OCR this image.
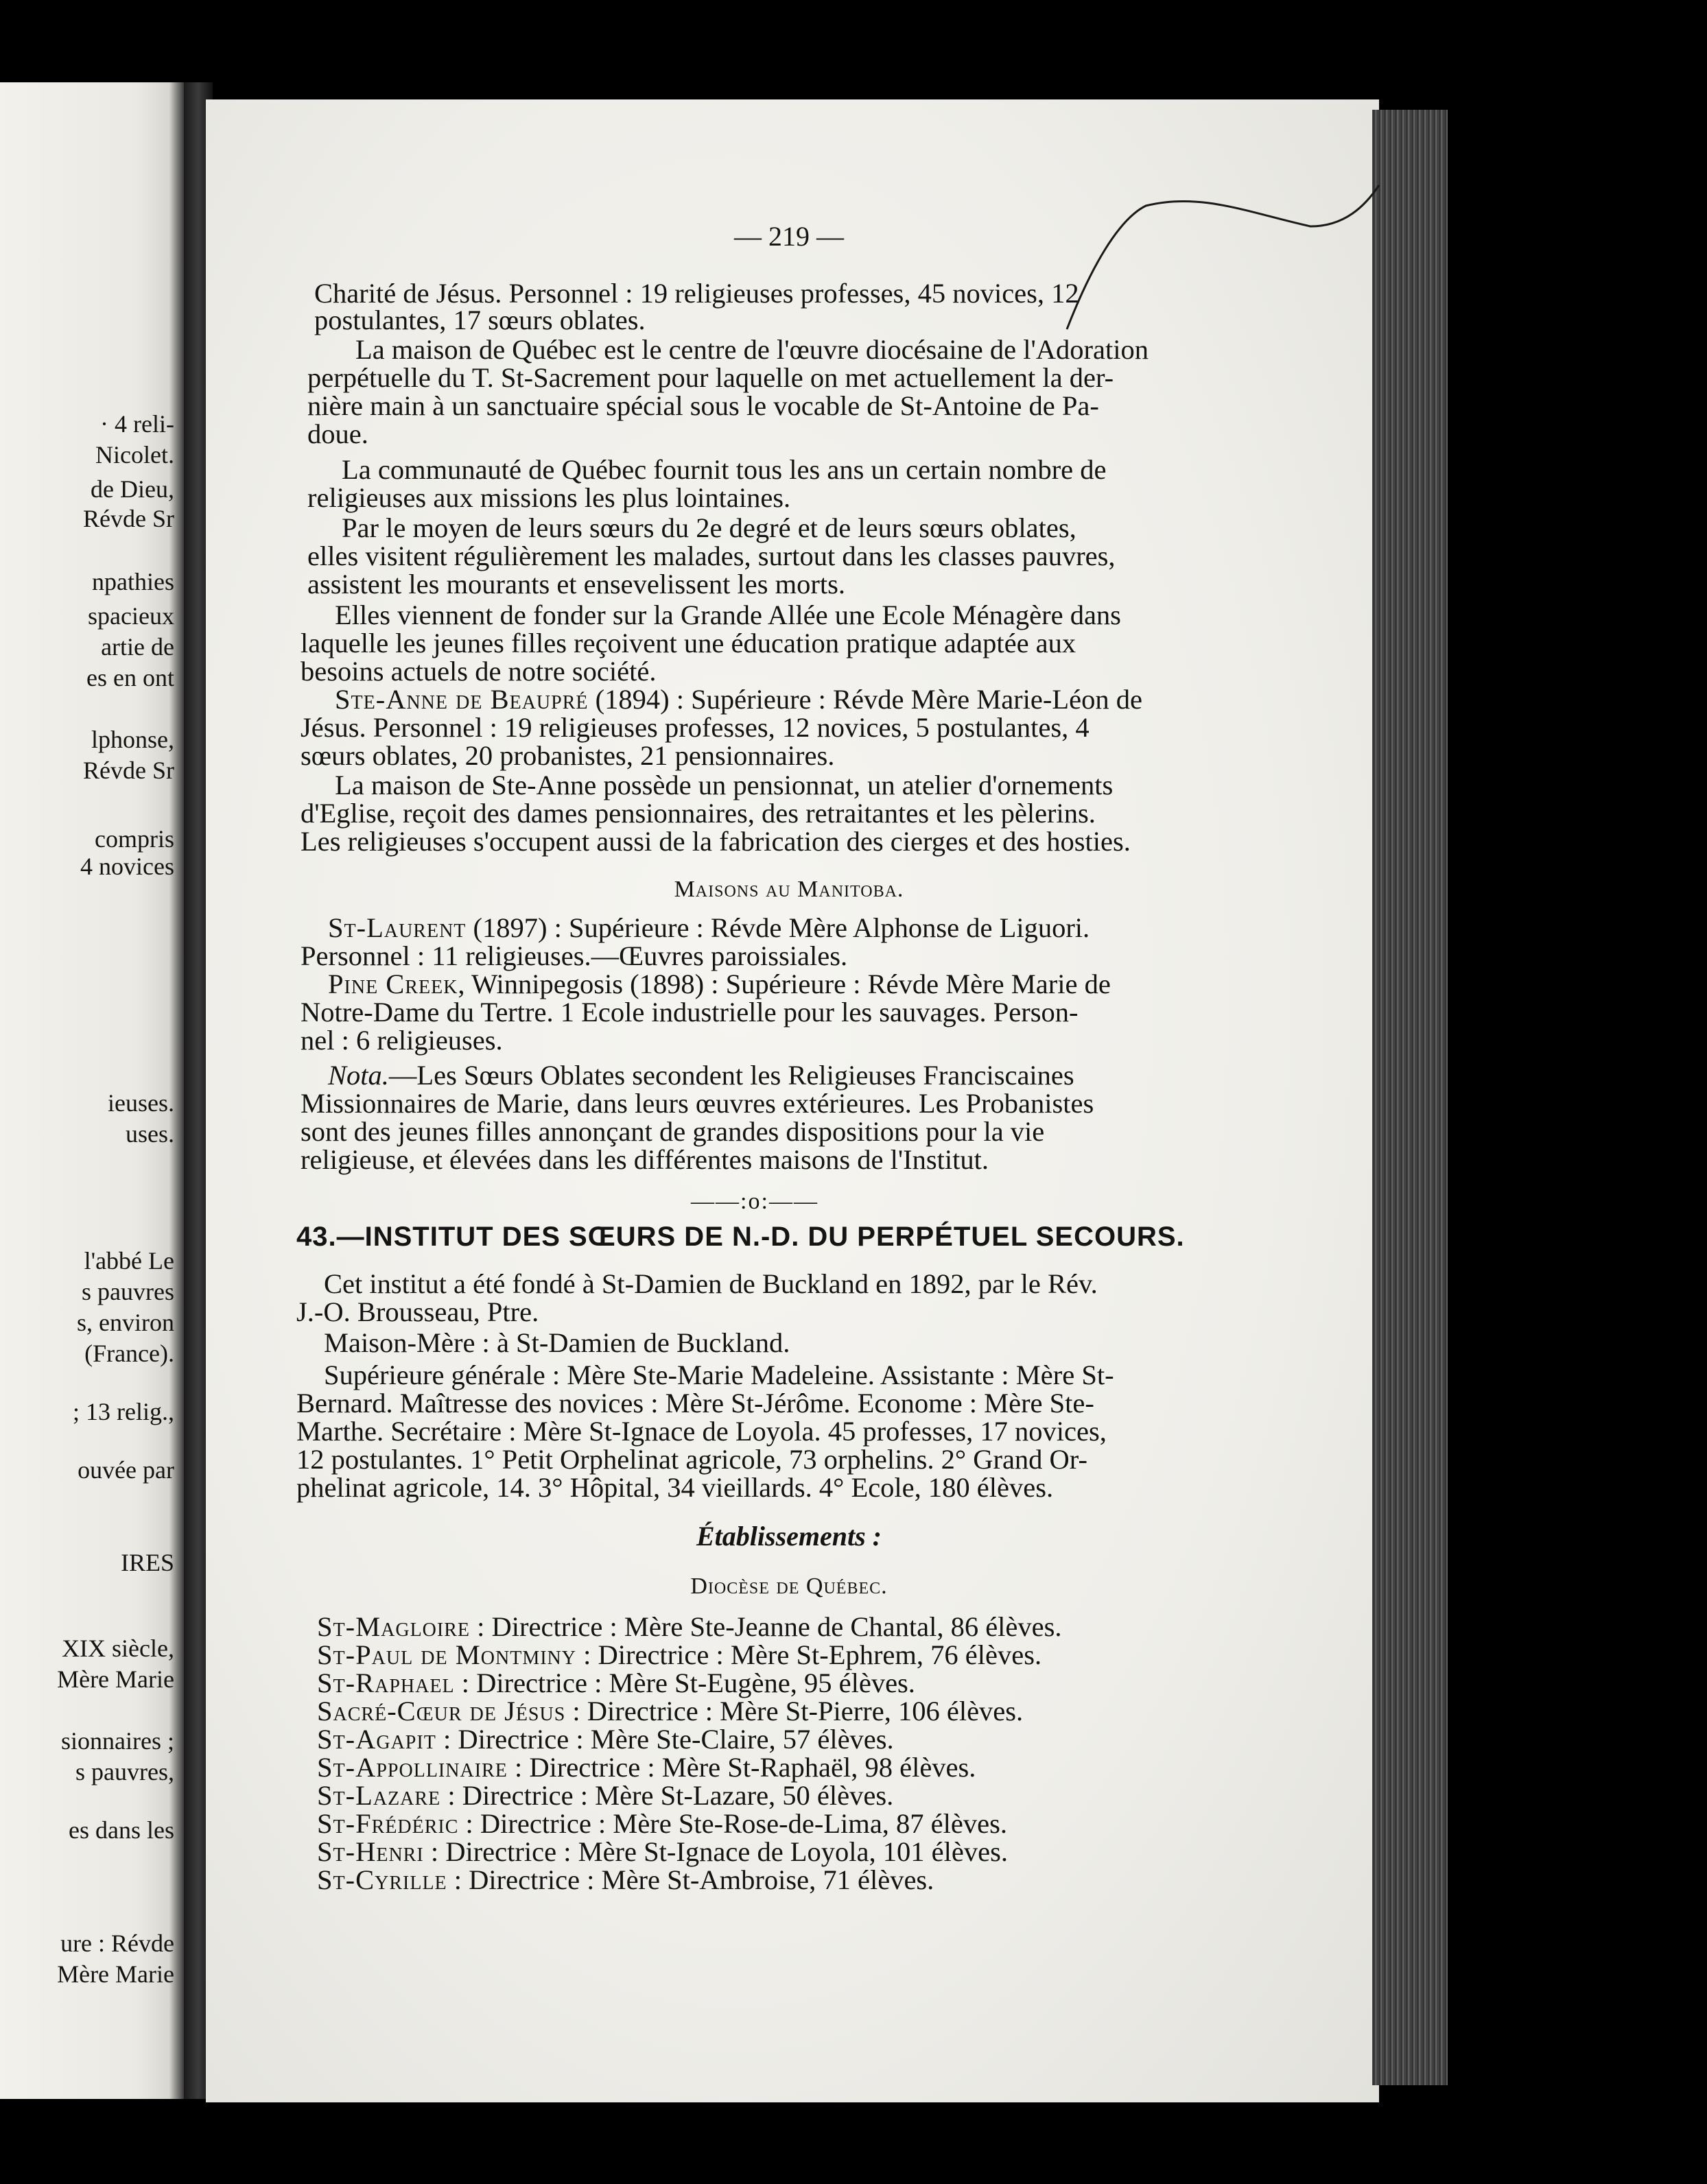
· 4 reli-
Nicolet.
de Dieu,
Révde Sr
npathies
spacieux
artie de
es en ont
lphonse,
Révde Sr
compris
4 novices
ieuses.
uses.
l'abbé Le
s pauvres
s, environ
(France).
; 13 relig.,
ouvée par
IRES
XIX siècle,
Mère Marie
sionnaires ;
s pauvres,
es dans les
ure : Révde
Mère Marie
— 219 —
Charité de Jésus. Personnel : 19 religieuses professes, 45 novices, 12
postulantes, 17 sœurs oblates.
La maison de Québec est le centre de l'œuvre diocésaine de l'Adoration
perpétuelle du T. St-Sacrement pour laquelle on met actuellement la der-
nière main à un sanctuaire spécial sous le vocable de St-Antoine de Pa-
doue.
La communauté de Québec fournit tous les ans un certain nombre de
religieuses aux missions les plus lointaines.
Par le moyen de leurs sœurs du 2e degré et de leurs sœurs oblates,
elles visitent régulièrement les malades, surtout dans les classes pauvres,
assistent les mourants et ensevelissent les morts.
Elles viennent de fonder sur la Grande Allée une Ecole Ménagère dans
laquelle les jeunes filles reçoivent une éducation pratique adaptée aux
besoins actuels de notre société.
Ste-Anne de Beaupré (1894) : Supérieure : Révde Mère Marie-Léon de
Jésus. Personnel : 19 religieuses professes, 12 novices, 5 postulantes, 4
sœurs oblates, 20 probanistes, 21 pensionnaires.
La maison de Ste-Anne possède un pensionnat, un atelier d'ornements
d'Eglise, reçoit des dames pensionnaires, des retraitantes et les pèlerins.
Les religieuses s'occupent aussi de la fabrication des cierges et des hosties.
Maisons au Manitoba.
St-Laurent (1897) : Supérieure : Révde Mère Alphonse de Liguori.
Personnel : 11 religieuses.—Œuvres paroissiales.
Pine Creek, Winnipegosis (1898) : Supérieure : Révde Mère Marie de
Notre-Dame du Tertre. 1 Ecole industrielle pour les sauvages. Person-
nel : 6 religieuses.
Nota.—Les Sœurs Oblates secondent les Religieuses Franciscaines
Missionnaires de Marie, dans leurs œuvres extérieures. Les Probanistes
sont des jeunes filles annonçant de grandes dispositions pour la vie
religieuse, et élevées dans les différentes maisons de l'Institut.
——:o:——
43.—INSTITUT DES SŒURS DE N.-D. DU PERPÉTUEL SECOURS.
Cet institut a été fondé à St-Damien de Buckland en 1892, par le Rév.
J.-O. Brousseau, Ptre.
Maison-Mère : à St-Damien de Buckland.
Supérieure générale : Mère Ste-Marie Madeleine. Assistante : Mère St-
Bernard. Maîtresse des novices : Mère St-Jérôme. Econome : Mère Ste-
Marthe. Secrétaire : Mère St-Ignace de Loyola. 45 professes, 17 novices,
12 postulantes. 1° Petit Orphelinat agricole, 73 orphelins. 2° Grand Or-
phelinat agricole, 14. 3° Hôpital, 34 vieillards. 4° Ecole, 180 élèves.
Établissements :
Diocèse de Québec.
St-Magloire : Directrice : Mère Ste-Jeanne de Chantal, 86 élèves.
St-Paul de Montminy : Directrice : Mère St-Ephrem, 76 élèves.
St-Raphael : Directrice : Mère St-Eugène, 95 élèves.
Sacré-Cœur de Jésus : Directrice : Mère St-Pierre, 106 élèves.
St-Agapit : Directrice : Mère Ste-Claire, 57 élèves.
St-Appollinaire : Directrice : Mère St-Raphaël, 98 élèves.
St-Lazare : Directrice : Mère St-Lazare, 50 élèves.
St-Frédéric : Directrice : Mère Ste-Rose-de-Lima, 87 élèves.
St-Henri : Directrice : Mère St-Ignace de Loyola, 101 élèves.
St-Cyrille : Directrice : Mère St-Ambroise, 71 élèves.
